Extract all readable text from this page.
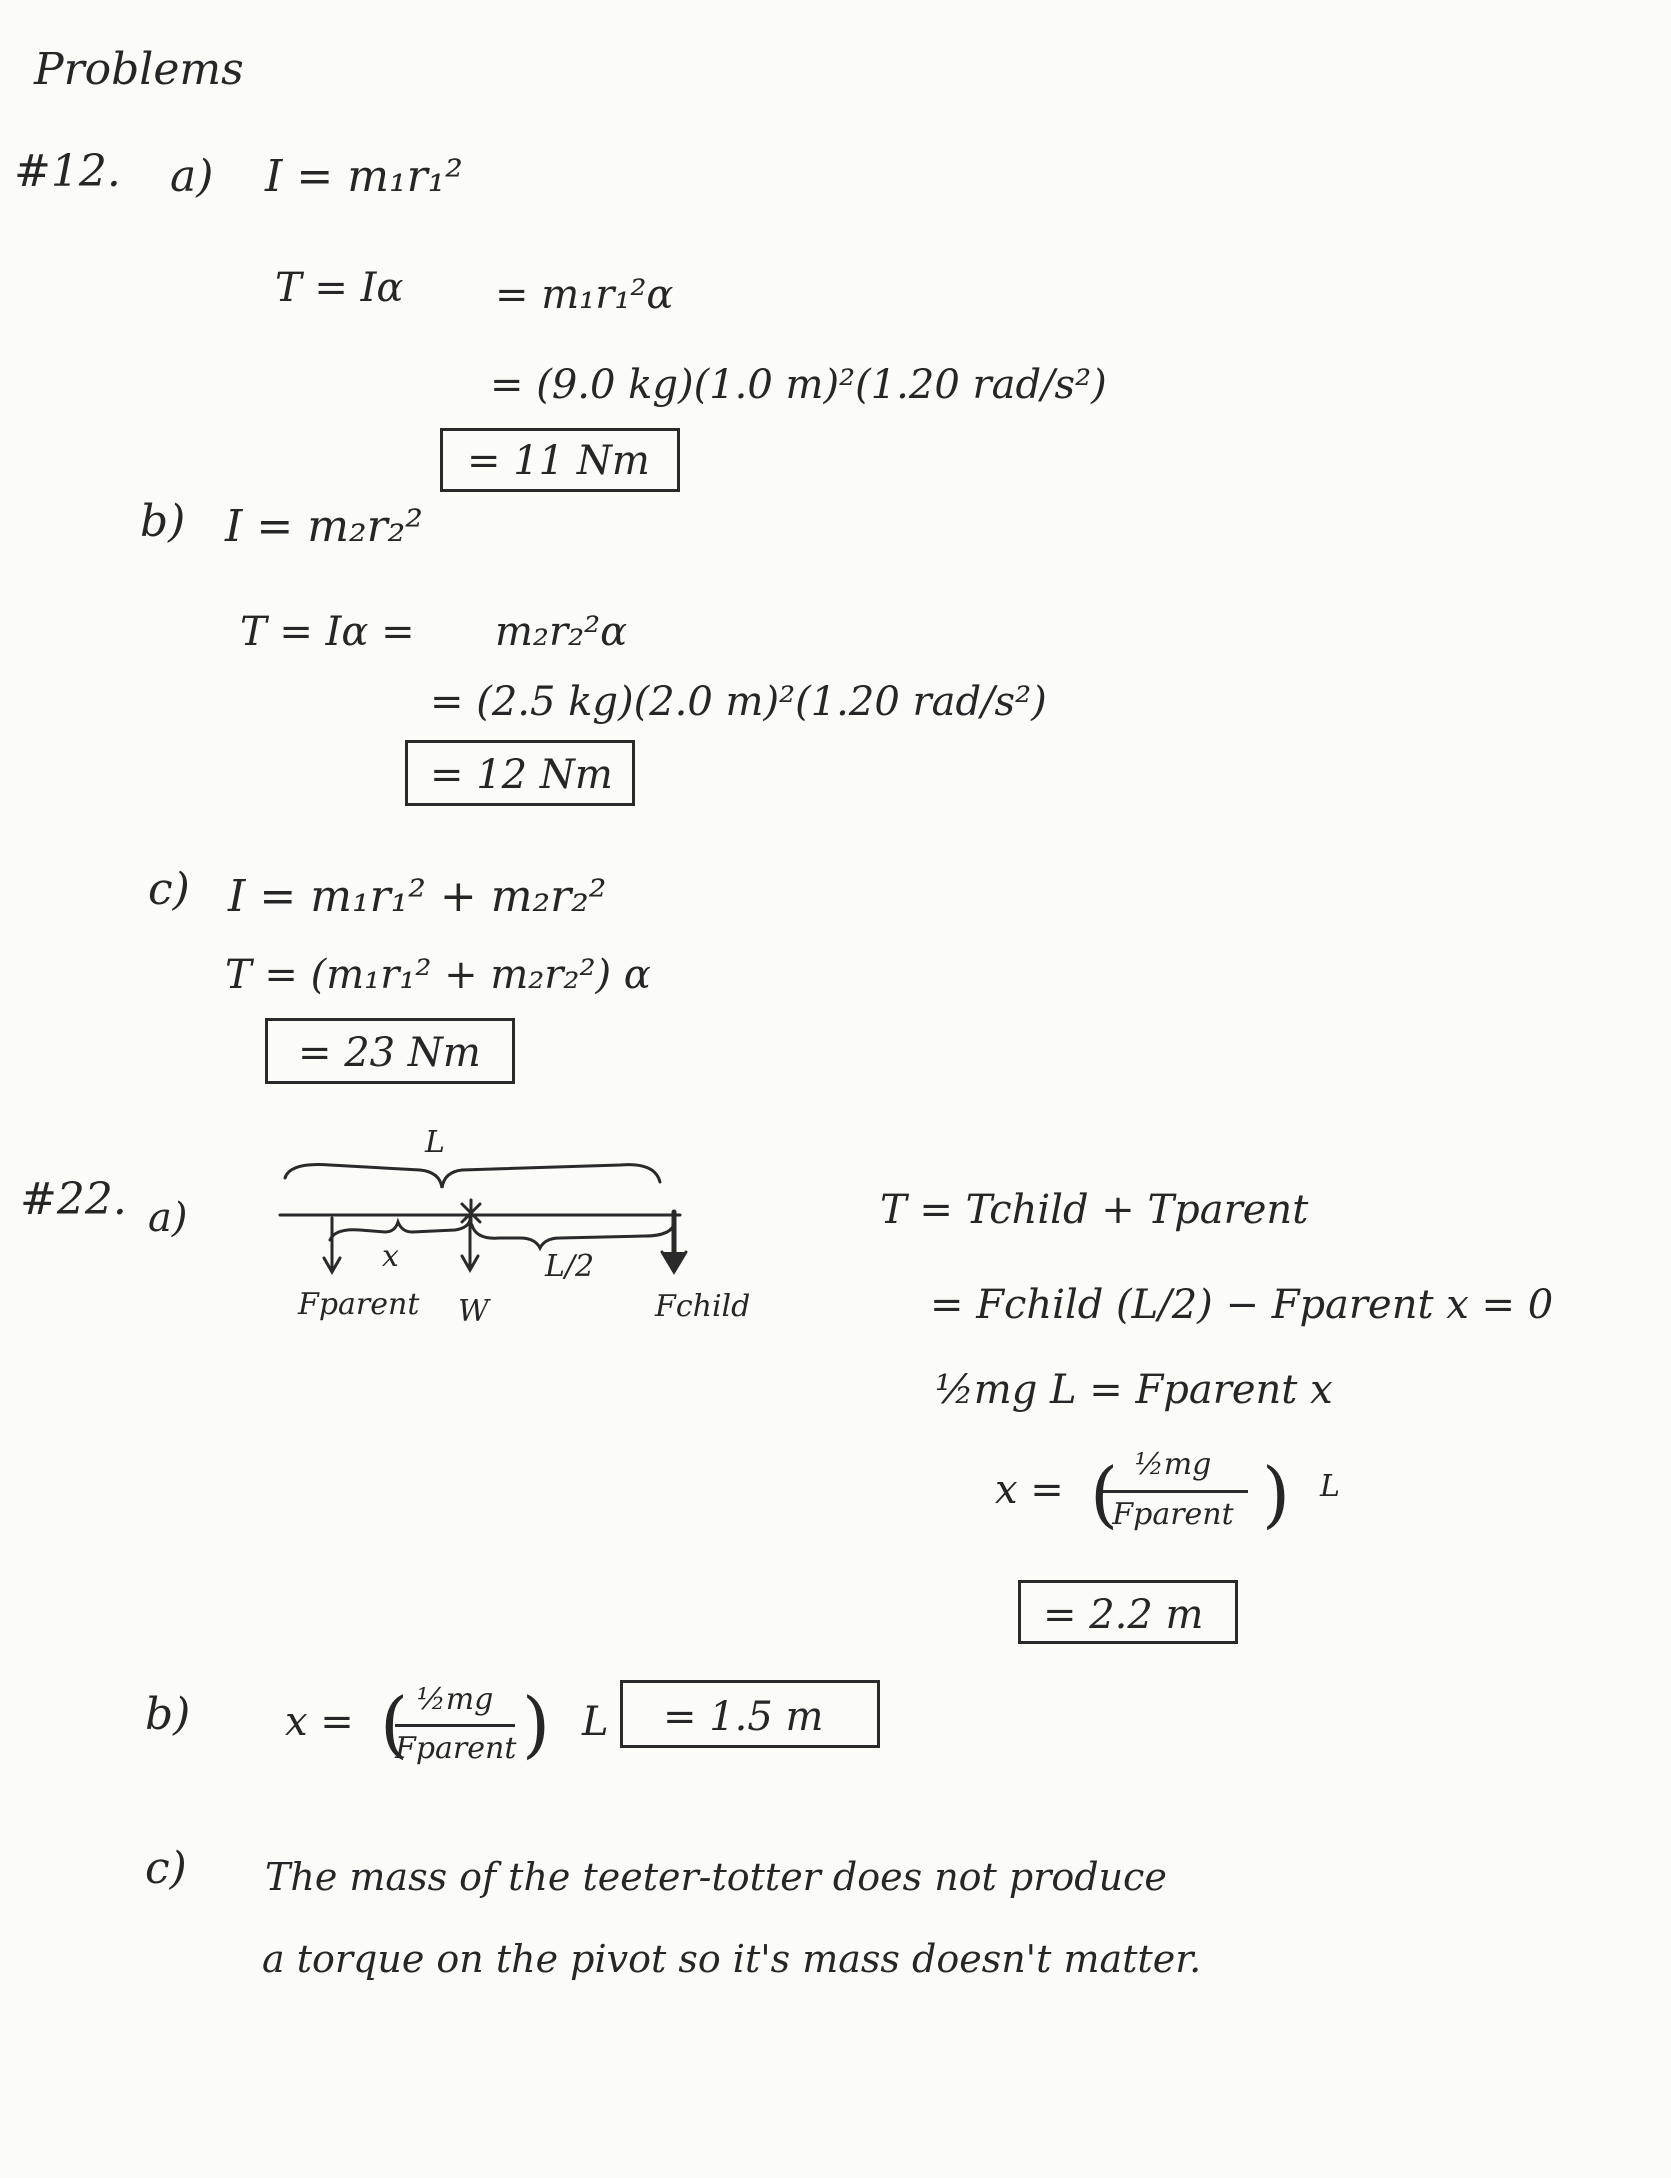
Problems
#12. a) I = m₁r₁²
T = Iα = m₁r₁²α
= (9.0 kg)(1.0 m)²(1.20 rad/s²)
= 11 Nm
b) I = m₂r₂²
T = Iα = m₂r₂²α
= (2.5 kg)(2.0 m)²(1.20 rad/s²)
= 12 Nm
c) I = m₁r₁² + m₂r₂²
T = (m₁r₁² + m₂r₂²) α
= 23 Nm
#22. a)
L
x	L/2
Fparent W	Fchild
T = Tchild + Tparent
= Fchild (L/2) − Fparent x = 0
½mg L = Fparent x
x =
½mg
Fparent
( ) L
= 2.2 m
b) x =	½mg
Fparent
( ) L = 1.5 m
c) The mass of the teeter-totter does not produce
a torque on the pivot so it's mass doesn't matter.
